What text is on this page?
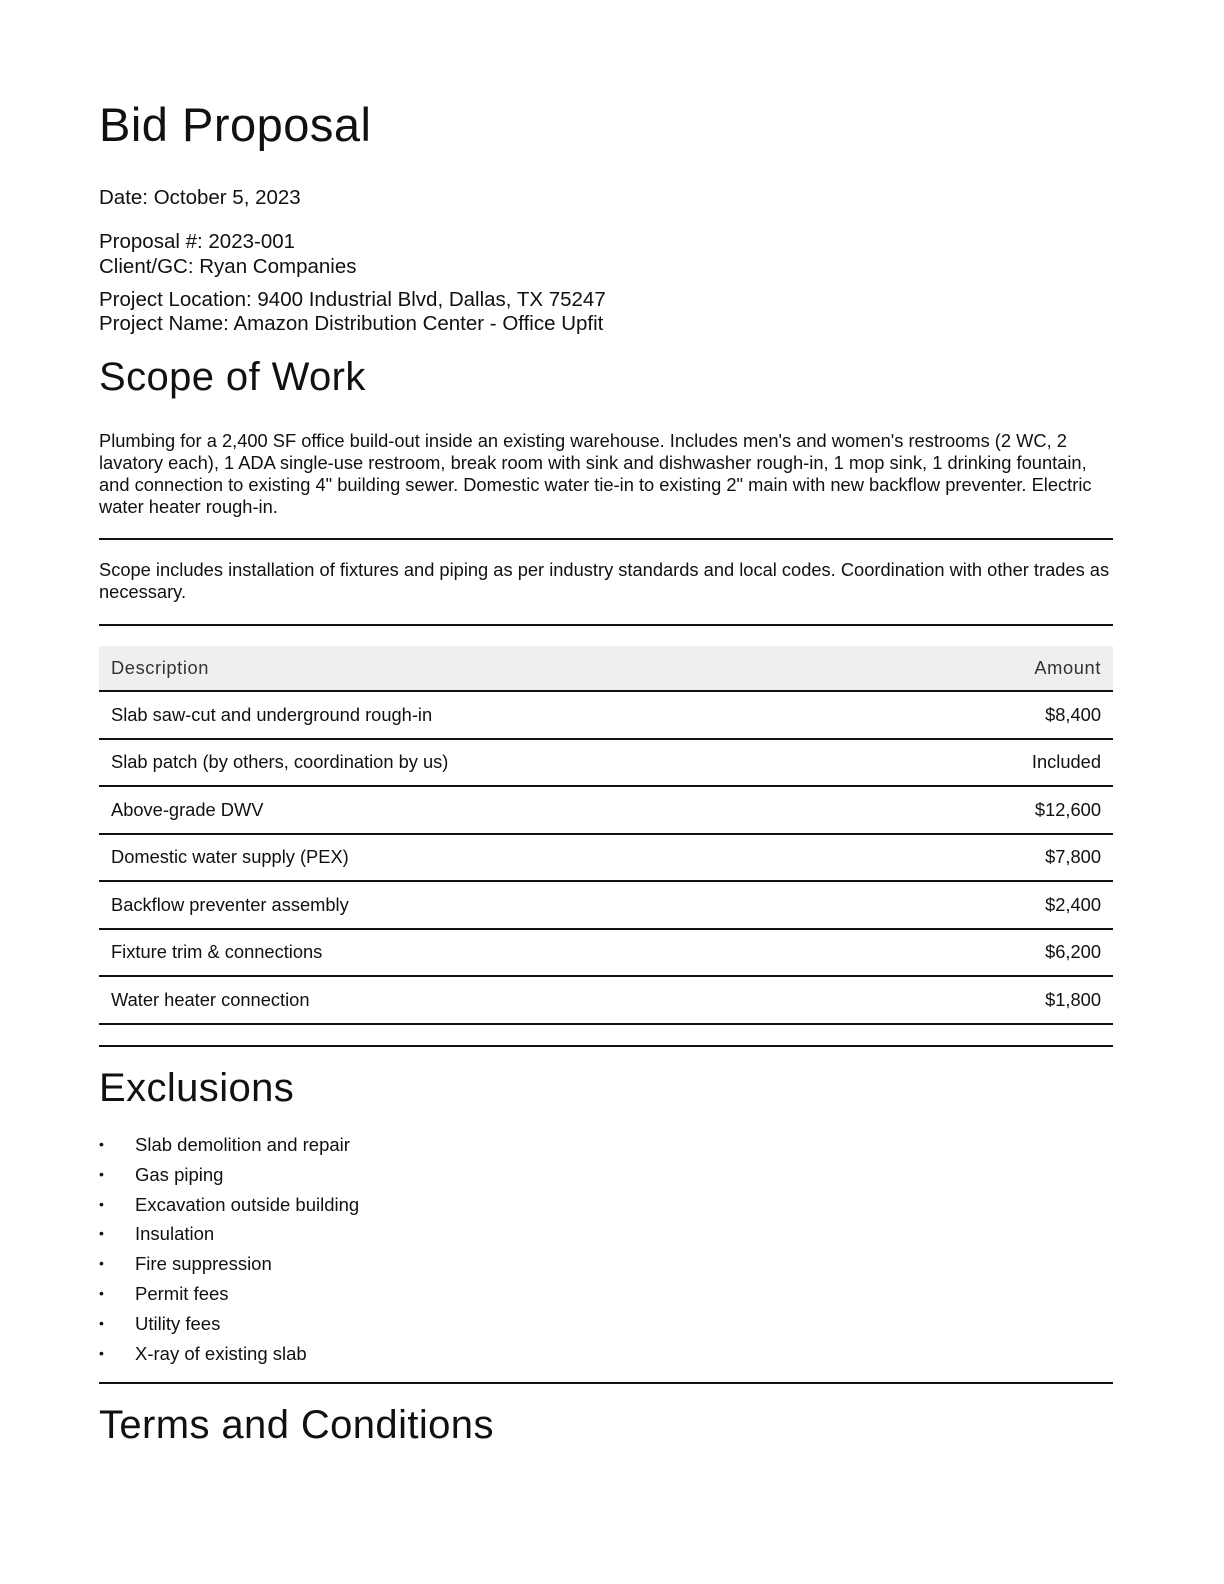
Bid Proposal

Date: October 5, 2023

Proposal #: 2023-001

Client/GC: Ryan Companies

Project Location: 9400 Industrial Blvd, Dallas, TX 75247

Project Name: Amazon Distribution Center - Office Upfit

Scope of Work

Plumbing for a 2,400 SF office build-out inside an existing warehouse. Includes men's and women's restrooms (2 WC, 2 lavatory each), 1 ADA single-use restroom, break room with sink and dishwasher rough-in, 1 mop sink, 1 drinking fountain, and connection to existing 4" building sewer. Domestic water tie-in to existing 2" main with new backflow preventer. Electric water heater rough-in.

Scope includes installation of fixtures and piping as per industry standards and local codes. Coordination with other trades as necessary.

Description	Amount
Slab saw-cut and underground rough-in	$8,400
Slab patch (by others, coordination by us)	Included
Above-grade DWV	$12,600
Domestic water supply (PEX)	$7,800
Backflow preventer assembly	$2,400
Fixture trim & connections	$6,200
Water heater connection	$1,800
Exclusions
• Slab demolition and repair
• Gas piping
• Excavation outside building
• Insulation
• Fire suppression
• Permit fees
• Utility fees
• X-ray of existing slab
Terms and Conditions
